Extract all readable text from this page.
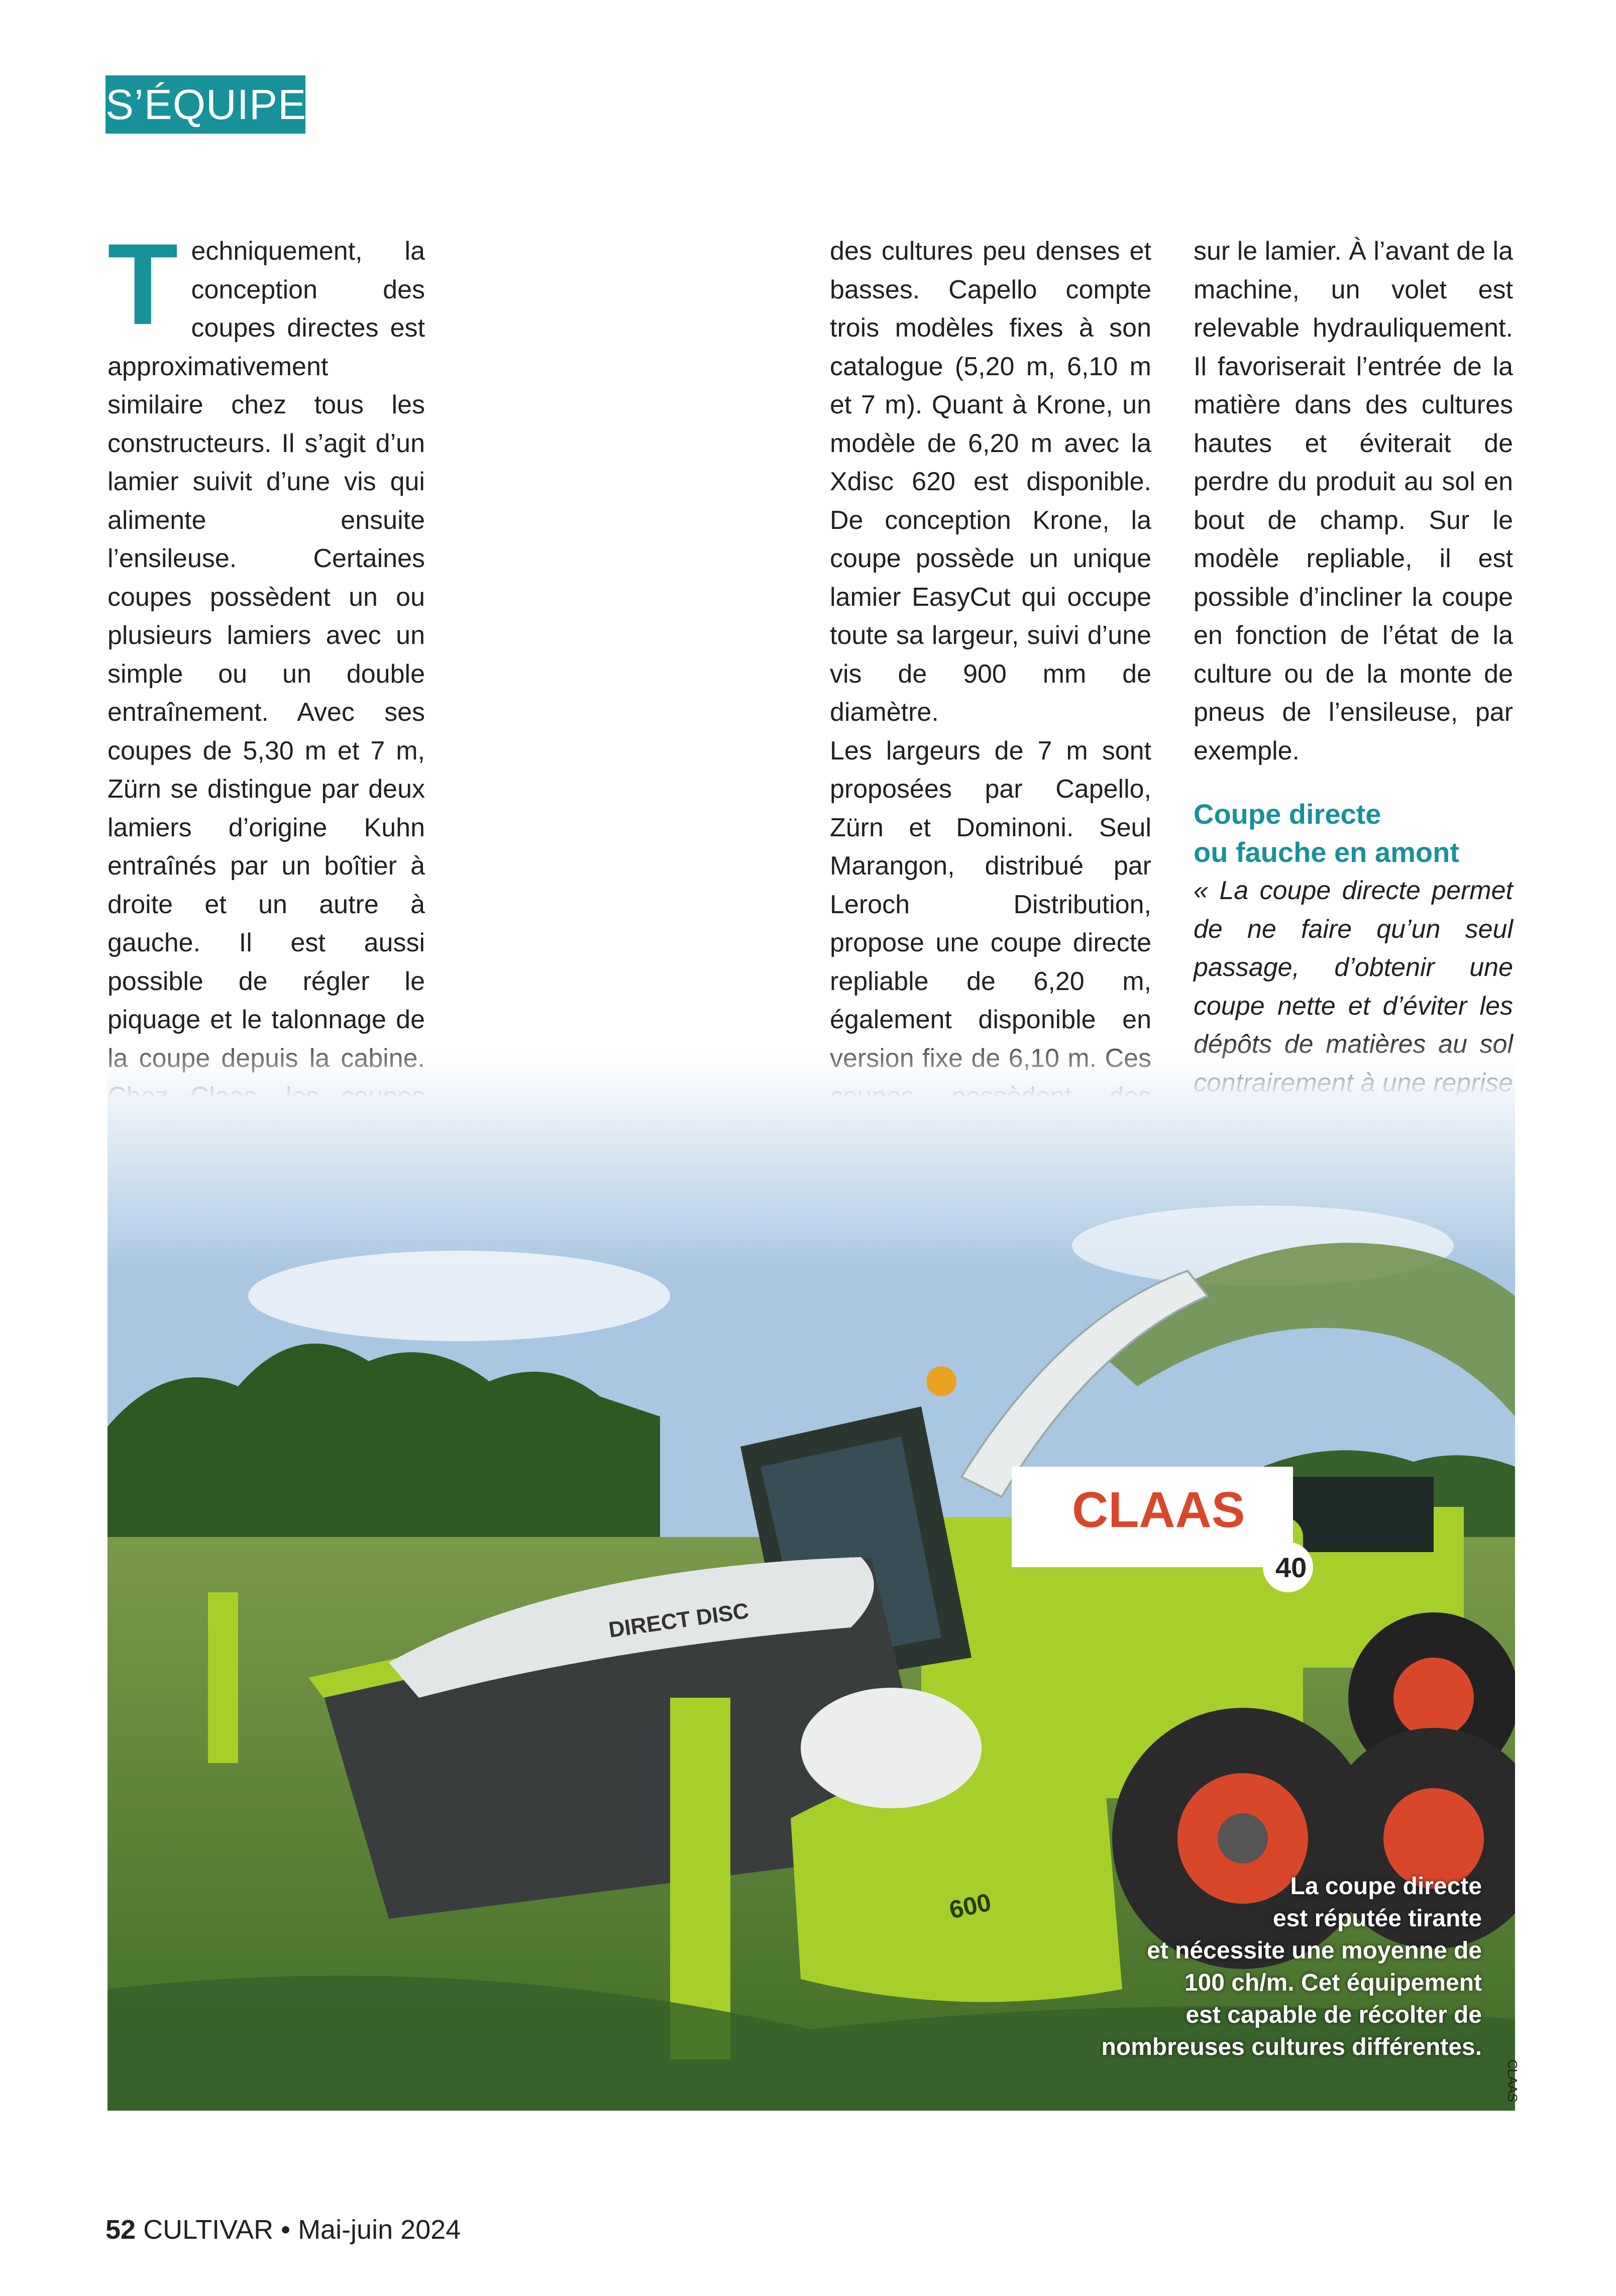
S’ÉQUIPER

Techniquement, la conception des coupes directes est approximativement similaire chez tous les constructeurs. Il s’agit d’un lamier suivit d’une vis qui alimente ensuite l’ensileuse. Certaines coupes possèdent un ou plusieurs lamiers avec un simple ou un double entraînement. Avec ses coupes de 5,30 m et 7 m, Zürn se distingue par deux lamiers d’origine Kuhn entraînés par un boîtier à droite et un autre à gauche. Il est aussi possible de régler le piquage et le talonnage de

des cultures peu denses et basses. Capello compte trois modèles fixes à son catalogue (5,20 m, 6,10 m et 7 m). Quant à Krone, un modèle de 6,20 m avec la Xdisc 620 est disponible. De conception Krone, la coupe possède un unique lamier EasyCut qui occupe toute sa largeur, suivi d’une vis de 900 mm de diamètre.

Les largeurs de 7 m sont proposées par Capello, Zürn et Dominoni. Seul Marangon, distribué par Leroch Distribution, propose une coupe directe repliable de 6,20 m, également disponible en

sur le lamier. À l’avant de la machine, un volet est relevable hydrauliquement. Il favoriserait l’entrée de la matière dans des cultures hautes et éviterait de perdre du produit au sol en bout de champ. Sur le modèle repliable, il est possible d’incliner la coupe en fonction de l’état de la culture ou de la monte de pneus de l’ensileuse, par exemple.

Coupe directe
ou fauche en amont

« La coupe directe permet de ne faire qu’un seul passage, d’obtenir une coupe nette et d’éviter les

CLAAS
40
DIRECT DISC
600
La coupe directe
est réputée tirante
et nécessite une moyenne de
100 ch/m. Cet équipement
est capable de récolter de
nombreuses cultures différentes.
CLAAS
52 CULTIVAR • Mai-juin 2024
